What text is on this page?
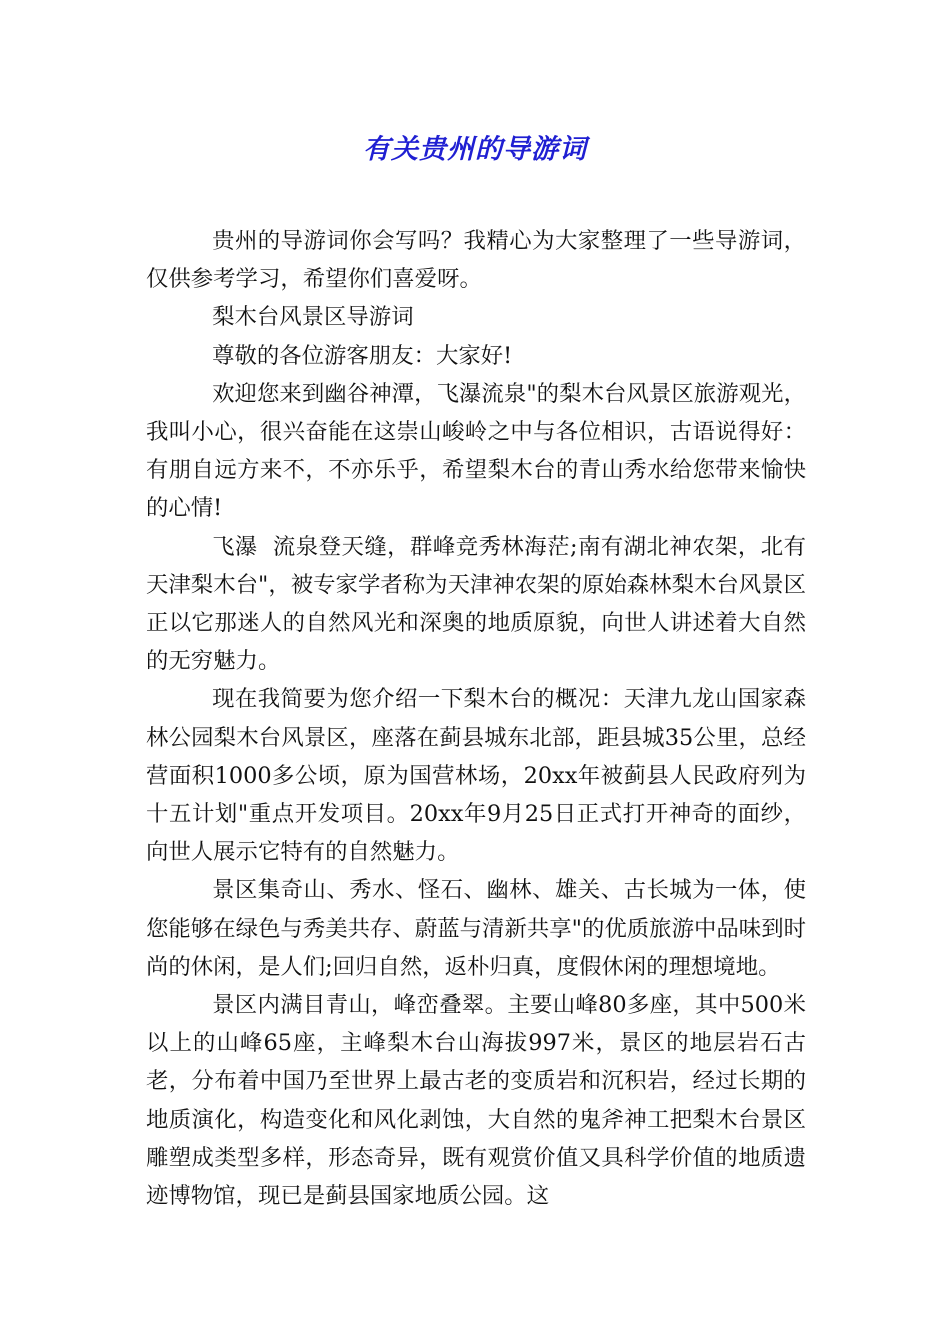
有关贵州的导游词

贵州的导游词你会写吗？我精心为大家整理了一些导游词，仅供参考学习，希望你们喜爱呀。

梨木台风景区导游词

尊敬的各位游客朋友：大家好!

欢迎您来到幽谷神潭，飞瀑流泉"的梨木台风景区旅游观光，我叫小心，很兴奋能在这崇山峻岭之中与各位相识，古语说得好：有朋自远方来不，不亦乐乎，希望梨木台的青山秀水给您带来愉快的心情!

飞瀑  流泉登天缝，群峰竞秀林海茫;南有湖北神农架，北有天津梨木台"，被专家学者称为天津神农架的原始森林梨木台风景区正以它那迷人的自然风光和深奥的地质原貌，向世人讲述着大自然的无穷魅力。

现在我简要为您介绍一下梨木台的概况：天津九龙山国家森林公园梨木台风景区，座落在蓟县城东北部，距县城35公里，总经营面积1000多公顷，原为国营林场，20xx年被蓟县人民政府列为十五计划"重点开发项目。20xx年9月25日正式打开神奇的面纱，向世人展示它特有的自然魅力。

景区集奇山、秀水、怪石、幽林、雄关、古长城为一体，使您能够在绿色与秀美共存、蔚蓝与清新共享"的优质旅游中品味到时尚的休闲，是人们;回归自然，返朴归真，度假休闲的理想境地。

景区内满目青山，峰峦叠翠。主要山峰80多座，其中500米以上的山峰65座，主峰梨木台山海拔997米，景区的地层岩石古老，分布着中国乃至世界上最古老的变质岩和沉积岩，经过长期的地质演化，构造变化和风化剥蚀，大自然的鬼斧神工把梨木台景区雕塑成类型多样，形态奇异，既有观赏价值又具科学价值的地质遗迹博物馆，现已是蓟县国家地质公园。这
